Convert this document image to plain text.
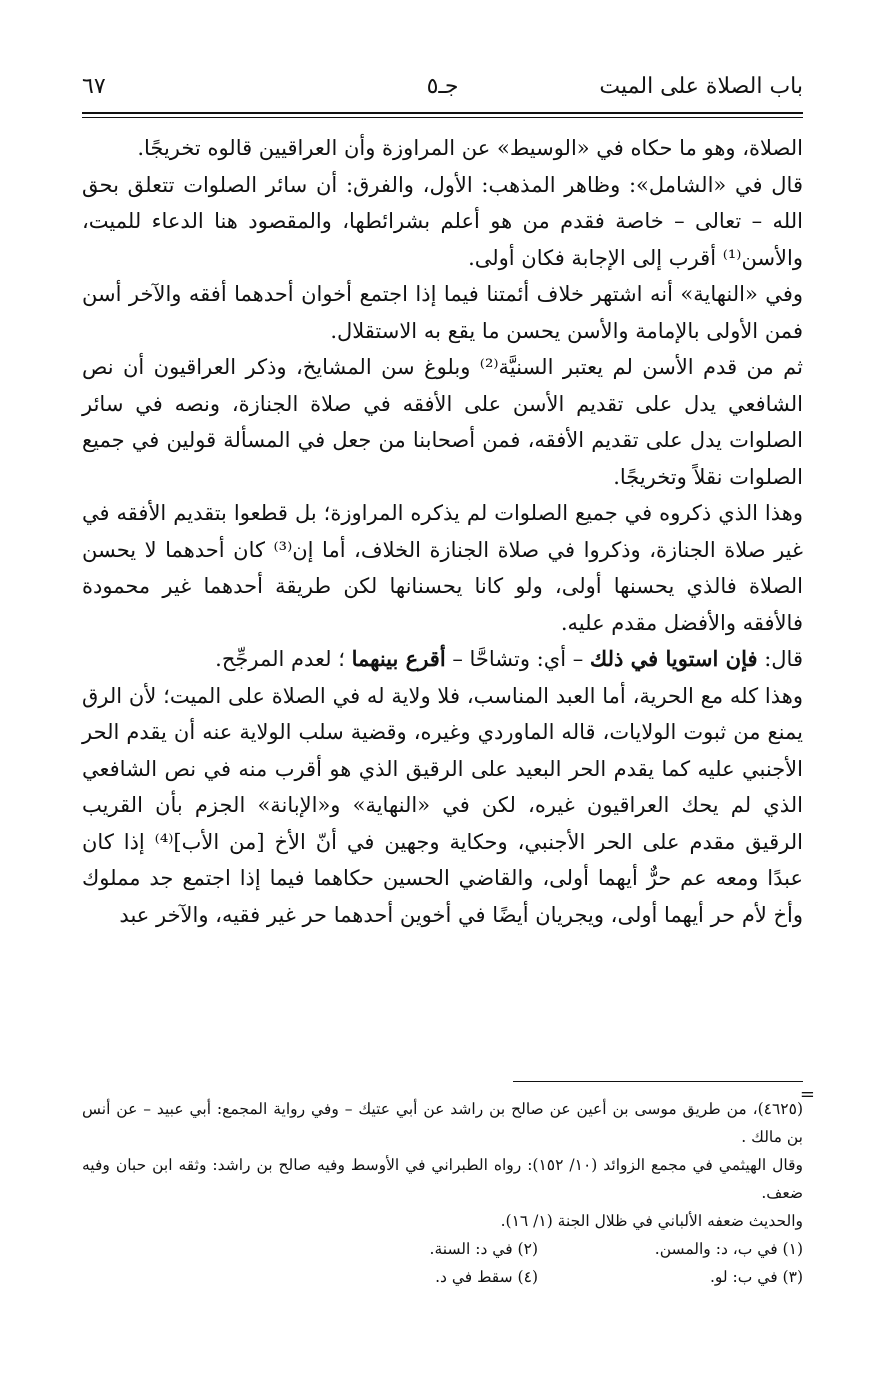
باب الصلاة على الميت
جـ٥
٦٧

الصلاة، وهو ما حكاه في «الوسيط» عن المراوزة وأن العراقيين قالوه تخريجًا.

قال في «الشامل»: وظاهر المذهب: الأول، والفرق: أن سائر الصلوات تتعلق بحق الله – تعالى – خاصة فقدم من هو أعلم بشرائطها، والمقصود هنا الدعاء للميت، والأسن⁽¹⁾ أقرب إلى الإجابة فكان أولى.

وفي «النهاية» أنه اشتهر خلاف أئمتنا فيما إذا اجتمع أخوان أحدهما أفقه والآخر أسن فمن الأولى بالإمامة والأسن يحسن ما يقع به الاستقلال.

ثم من قدم الأسن لم يعتبر السنيَّة⁽²⁾ وبلوغ سن المشايخ، وذكر العراقيون أن نص الشافعي يدل على تقديم الأسن على الأفقه في صلاة الجنازة، ونصه في سائر الصلوات يدل على تقديم الأفقه، فمن أصحابنا من جعل في المسألة قولين في جميع الصلوات نقلاً وتخريجًا.

وهذا الذي ذكروه في جميع الصلوات لم يذكره المراوزة؛ بل قطعوا بتقديم الأفقه في غير صلاة الجنازة، وذكروا في صلاة الجنازة الخلاف، أما إن⁽³⁾ كان أحدهما لا يحسن الصلاة فالذي يحسنها أولى، ولو كانا يحسنانها لكن طريقة أحدهما غير محمودة فالأفقه والأفضل مقدم عليه.

قال: فإن استويا في ذلك – أي: وتشاحَّا – أقرع بينهما ؛ لعدم المرجِّح.

وهذا كله مع الحرية، أما العبد المناسب، فلا ولاية له في الصلاة على الميت؛ لأن الرق يمنع من ثبوت الولايات، قاله الماوردي وغيره، وقضية سلب الولاية عنه أن يقدم الحر الأجنبي عليه كما يقدم الحر البعيد على الرقيق الذي هو أقرب منه في نص الشافعي الذي لم يحك العراقيون غيره، لكن في «النهاية» و«الإبانة» الجزم بأن القريب الرقيق مقدم على الحر الأجنبي، وحكاية وجهين في أنّ الأخ [من الأب]⁽⁴⁾ إذا كان عبدًا ومعه عم حرٌّ أيهما أولى، والقاضي الحسين حكاهما فيما إذا اجتمع جد مملوك وأخ لأم حر أيهما أولى، ويجريان أيضًا في أخوين أحدهما حر غير فقيه، والآخر عبد

=

(٤٦٢٥)، من طريق موسى بن أعين عن صالح بن راشد عن أبي عتيك – وفي رواية المجمع: أبي عبيد – عن أنس بن مالك .

وقال الهيثمي في مجمع الزوائد (١٠/ ١٥٢): رواه الطبراني في الأوسط وفيه صالح بن راشد: وثقه ابن حبان وفيه ضعف.

والحديث ضعفه الألباني في ظلال الجنة (١/ ١٦).

(١) في ب، د: والمسن.
(٢) في د: السنة.
(٣) في ب: لو.
(٤) سقط في د.
